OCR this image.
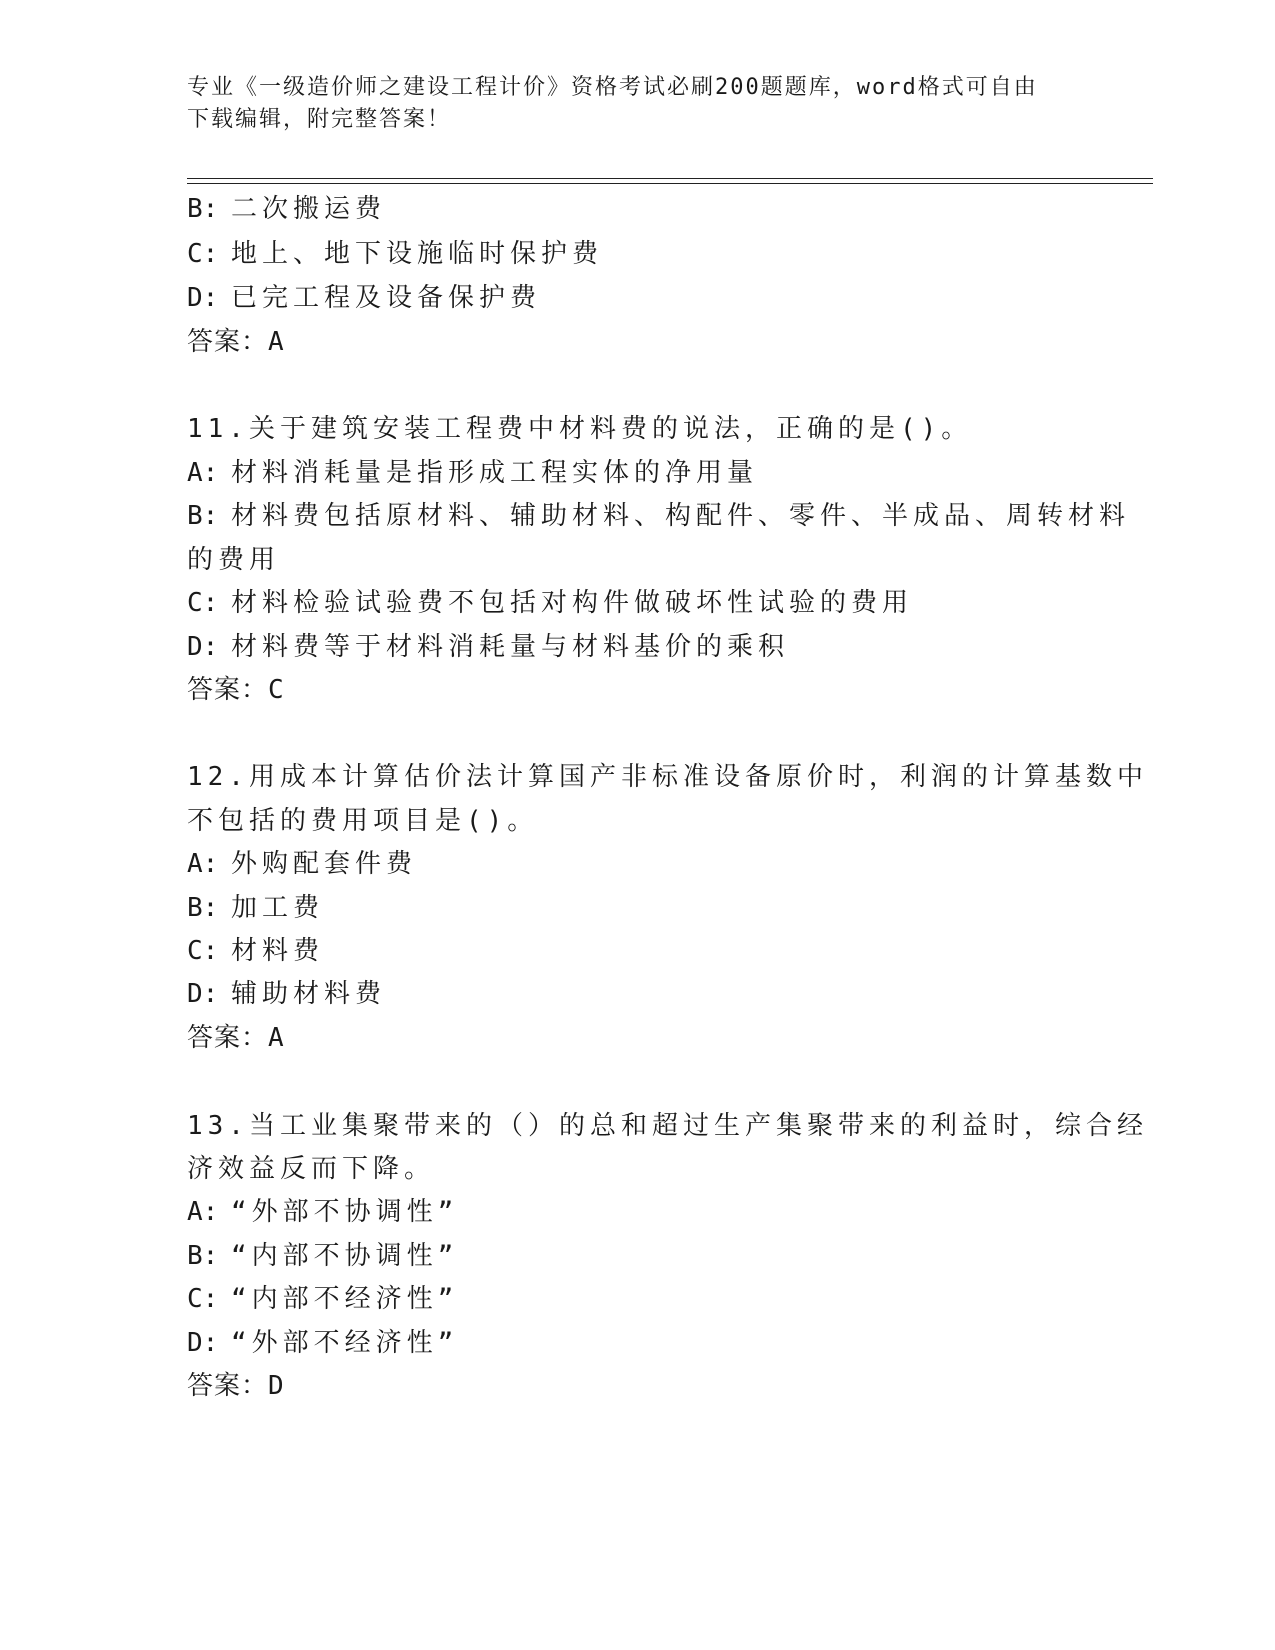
专业《一级造价师之建设工程计价》资格考试必刷200题题库，word格式可自由
下载编辑，附完整答案！
B: 二次搬运费
C: 地上、地下设施临时保护费
D: 已完工程及设备保护费
答案：A
11.关于建筑安装工程费中材料费的说法，正确的是()。
A: 材料消耗量是指形成工程实体的净用量
B: 材料费包括原材料、辅助材料、构配件、零件、半成品、周转材料
的费用
C: 材料检验试验费不包括对构件做破坏性试验的费用
D: 材料费等于材料消耗量与材料基价的乘积
答案：C
12.用成本计算估价法计算国产非标准设备原价时，利润的计算基数中
不包括的费用项目是()。
A: 外购配套件费
B: 加工费
C: 材料费
D: 辅助材料费
答案：A
13.当工业集聚带来的（）的总和超过生产集聚带来的利益时，综合经
济效益反而下降。
A: “外部不协调性”
B: “内部不协调性”
C: “内部不经济性”
D: “外部不经济性”
答案：D
